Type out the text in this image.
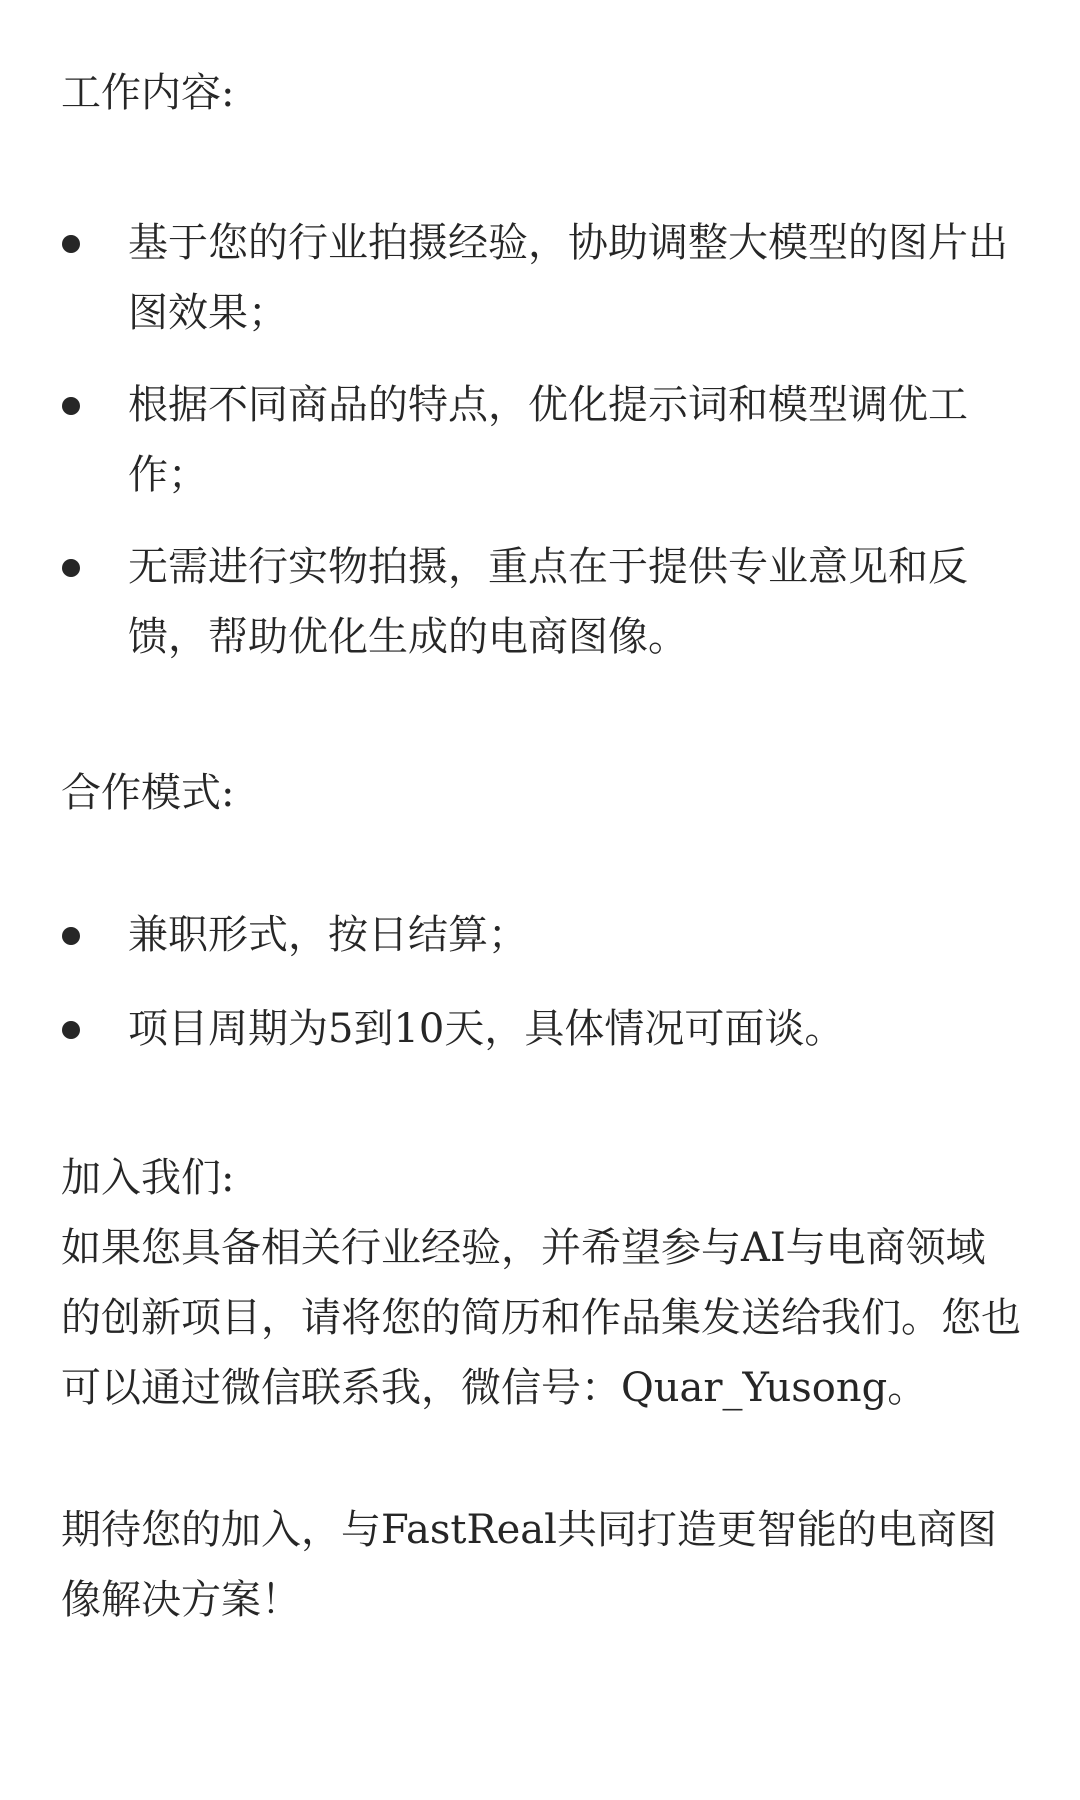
工作内容:
基于您的行业拍摄经验，协助调整大模型的图片出图效果；
根据不同商品的特点，优化提示词和模型调优工作；
无需进行实物拍摄，重点在于提供专业意见和反馈，帮助优化生成的电商图像。
合作模式:
兼职形式，按日结算；
项目周期为5到10天，具体情况可面谈。
加入我们:

如果您具备相关行业经验，并希望参与AI与电商领域的创新项目，请将您的简历和作品集发送给我们。您也可以通过微信联系我，微信号：Quar_Yusong。

期待您的加入，与FastReal共同打造更智能的电商图像解决方案！
